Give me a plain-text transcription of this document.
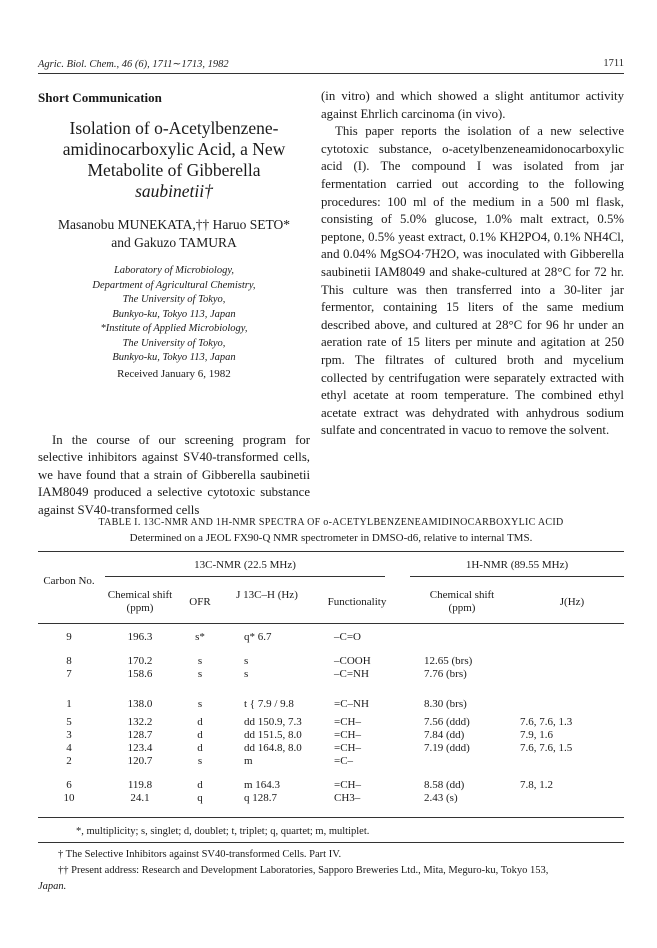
Agric. Biol. Chem., 46 (6), 1711∼1713, 1982	1711
Short Communication
Isolation of o-Acetylbenzene-
amidinocarboxylic Acid, a New
Metabolite of Gibberella
saubinetii†
Masanobu MUNEKATA,†† Haruo SETO*
and Gakuzo TAMURA
Laboratory of Microbiology,
Department of Agricultural Chemistry,
The University of Tokyo,
Bunkyo-ku, Tokyo 113, Japan
*Institute of Applied Microbiology,
The University of Tokyo,
Bunkyo-ku, Tokyo 113, Japan
Received January 6, 1982

In the course of our screening program for selective inhibitors against SV40-transformed cells, we have found that a strain of Gibberella saubinetii IAM8049 produced a selective cytotoxic substance against SV40-transformed cells

(in vitro) and which showed a slight antitumor activity against Ehrlich carcinoma (in vivo).

This paper reports the isolation of a new selective cytotoxic substance, o-acetylbenzeneamidonocarboxylic acid (I). The compound I was isolated from jar fermentation carried out according to the following procedures: 100 ml of the medium in a 500 ml flask, consisting of 5.0% glucose, 1.0% malt extract, 0.5% peptone, 0.5% yeast extract, 0.1% KH2PO4, 0.1% NH4Cl, and 0.04% MgSO4·7H2O, was inoculated with Gibberella saubinetii IAM8049 and shake-cultured at 28°C for 72 hr. This culture was then transferred into a 30-liter jar fermentor, containing 15 liters of the same medium described above, and cultured at 28°C for 96 hr under an aeration rate of 15 liters per minute and agitation at 250 rpm. The filtrates of cultured broth and mycelium collected by centrifugation were separately extracted with ethyl acetate at room temperature. The combined ethyl acetate extract was dehydrated with anhydrous sodium sulfate and concentrated in vacuo to remove the solvent.

TABLE I. 13C-NMR AND 1H-NMR SPECTRA OF o-ACETYLBENZENEAMIDINOCARBOXYLIC ACID
Determined on a JEOL FX90-Q NMR spectrometer in DMSO-d6, relative to internal TMS.
13C-NMR (22.5 MHz)	1H-NMR (89.55 MHz)
Carbon No.
Chemical shift (ppm)	OFR
J 13C–H (Hz)
Functionality
Chemical shift (ppm)	J(Hz)
9	196.3	s*	q* 6.7	–C=O
8	170.2	s	s	–COOH	12.65 (brs)
7	158.6	s	s	–C=NH	7.76 (brs)
1	138.0	s	t { 7.9 / 9.8	=C–NH	8.30 (brs)
5	132.2	d	dd 150.9, 7.3	=CH–	7.56 (ddd)	7.6, 7.6, 1.3
3	128.7	d	dd 151.5, 8.0	=CH–	7.84 (dd)	7.9, 1.6
4	123.4	d	dd 164.8, 8.0	=CH–	7.19 (ddd)	7.6, 7.6, 1.5
2	120.7	s	m	=C–
6	119.8	d	m 164.3	=CH–	8.58 (dd)	7.8, 1.2
10	24.1	q	q 128.7	CH3–	2.43 (s)
*, multiplicity; s, singlet; d, doublet; t, triplet; q, quartet; m, multiplet.
† The Selective Inhibitors against SV40-transformed Cells. Part IV.
†† Present address: Research and Development Laboratories, Sapporo Breweries Ltd., Mita, Meguro-ku, Tokyo 153,
Japan.
